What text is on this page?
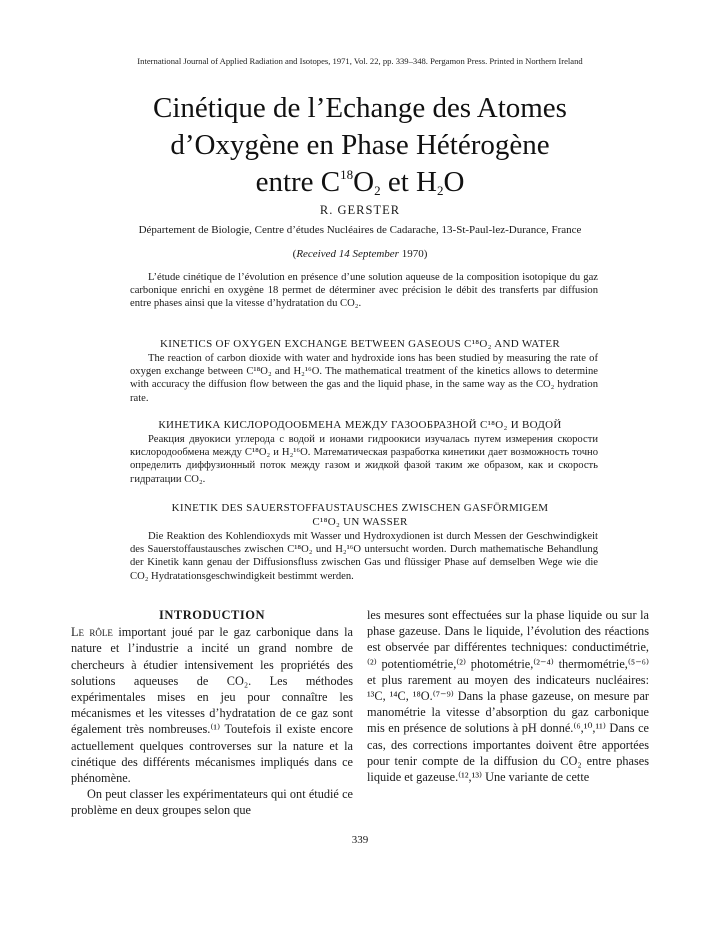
International Journal of Applied Radiation and Isotopes, 1971, Vol. 22, pp. 339–348. Pergamon Press. Printed in Northern Ireland
Cinétique de l’Echange des Atomes
d’Oxygène en Phase Hétérogène
entre $C^{18}O_2$ et $H_2O$
R. GERSTER
Département de Biologie, Centre d’études Nucléaires de Cadarache, 13-St-Paul-lez-Durance, France
(Received 14 September 1970)
L’étude cinétique de l’évolution en présence d’une solution aqueuse de la composition isotopique du gaz carbonique enrichi en oxygène 18 permet de déterminer avec précision le débit des transferts par diffusion entre phases ainsi que la vitesse d’hydratation du CO₂.
KINETICS OF OXYGEN EXCHANGE BETWEEN GASEOUS C¹⁸O₂ AND WATER
The reaction of carbon dioxide with water and hydroxide ions has been studied by measuring the rate of oxygen exchange between C¹⁸O₂ and H₂¹⁶O. The mathematical treatment of the kinetics allows to determine with accuracy the diffusion flow between the gas and the liquid phase, in the same way as the CO₂ hydration rate.
КИНЕТИКА КИСЛОРОДООБМЕНА МЕЖДУ ГАЗООБРАЗНОЙ C¹⁸O₂ И ВОДОЙ
Реакция двуокиси углерода с водой и ионами гидроокиси изучалась путем измерения скорости кислородообмена между C¹⁸O₂ и H₂¹⁶O. Математическая разработка кинетики дает возможность точно определить диффузионный поток между газом и жидкой фазой таким же образом, как и скорость гидратации CO₂.
KINETIK DES SAUERSTOFFAUSTAUSCHES ZWISCHEN GASFÖRMIGEM
C¹⁸O₂ UN WASSER
Die Reaktion des Kohlendioxyds mit Wasser und Hydroxydionen ist durch Messen der Geschwindigkeit des Sauerstoffaustausches zwischen C¹⁸O₂ und H₂¹⁶O untersucht worden. Durch mathematische Behandlung der Kinetik kann genau der Diffusionsfluss zwischen Gas und flüssiger Phase auf demselben Wege wie die CO₂ Hydratationsgeschwindigkeit bestimmt werden.
INTRODUCTION

Le rôle important joué par le gaz carbonique dans la nature et l’industrie a incité un grand nombre de chercheurs à étudier intensivement les propriétés des solutions aqueuses de CO₂. Les méthodes expérimentales mises en jeu pour connaître les mécanismes et les vitesses d’hydratation de ce gaz sont également très nombreuses.⁽¹⁾ Toutefois il existe encore actuellement quelques controverses sur la nature et la cinétique des différents mécanismes impliqués dans ce phénomène.

On peut classer les expérimentateurs qui ont étudié ce problème en deux groupes selon que

les mesures sont effectuées sur la phase liquide ou sur la phase gazeuse. Dans le liquide, l’évolution des réactions est observée par différentes techniques: conductimétrie,⁽²⁾ potentiométrie,⁽²⁾ photométrie,⁽²⁻⁴⁾ thermométrie,⁽⁵⁻⁶⁾ et plus rarement au moyen des indicateurs nucléaires: ¹³C, ¹⁴C, ¹⁸O.⁽⁷⁻⁹⁾ Dans la phase gazeuse, on mesure par manométrie la vitesse d’absorption du gaz carbonique mis en présence de solutions à pH donné.⁽⁶,¹⁰,¹¹⁾ Dans ce cas, des corrections importantes doivent être apportées pour tenir compte de la diffusion du CO₂ entre phases liquide et gazeuse.⁽¹²,¹³⁾ Une variante de cette

339
